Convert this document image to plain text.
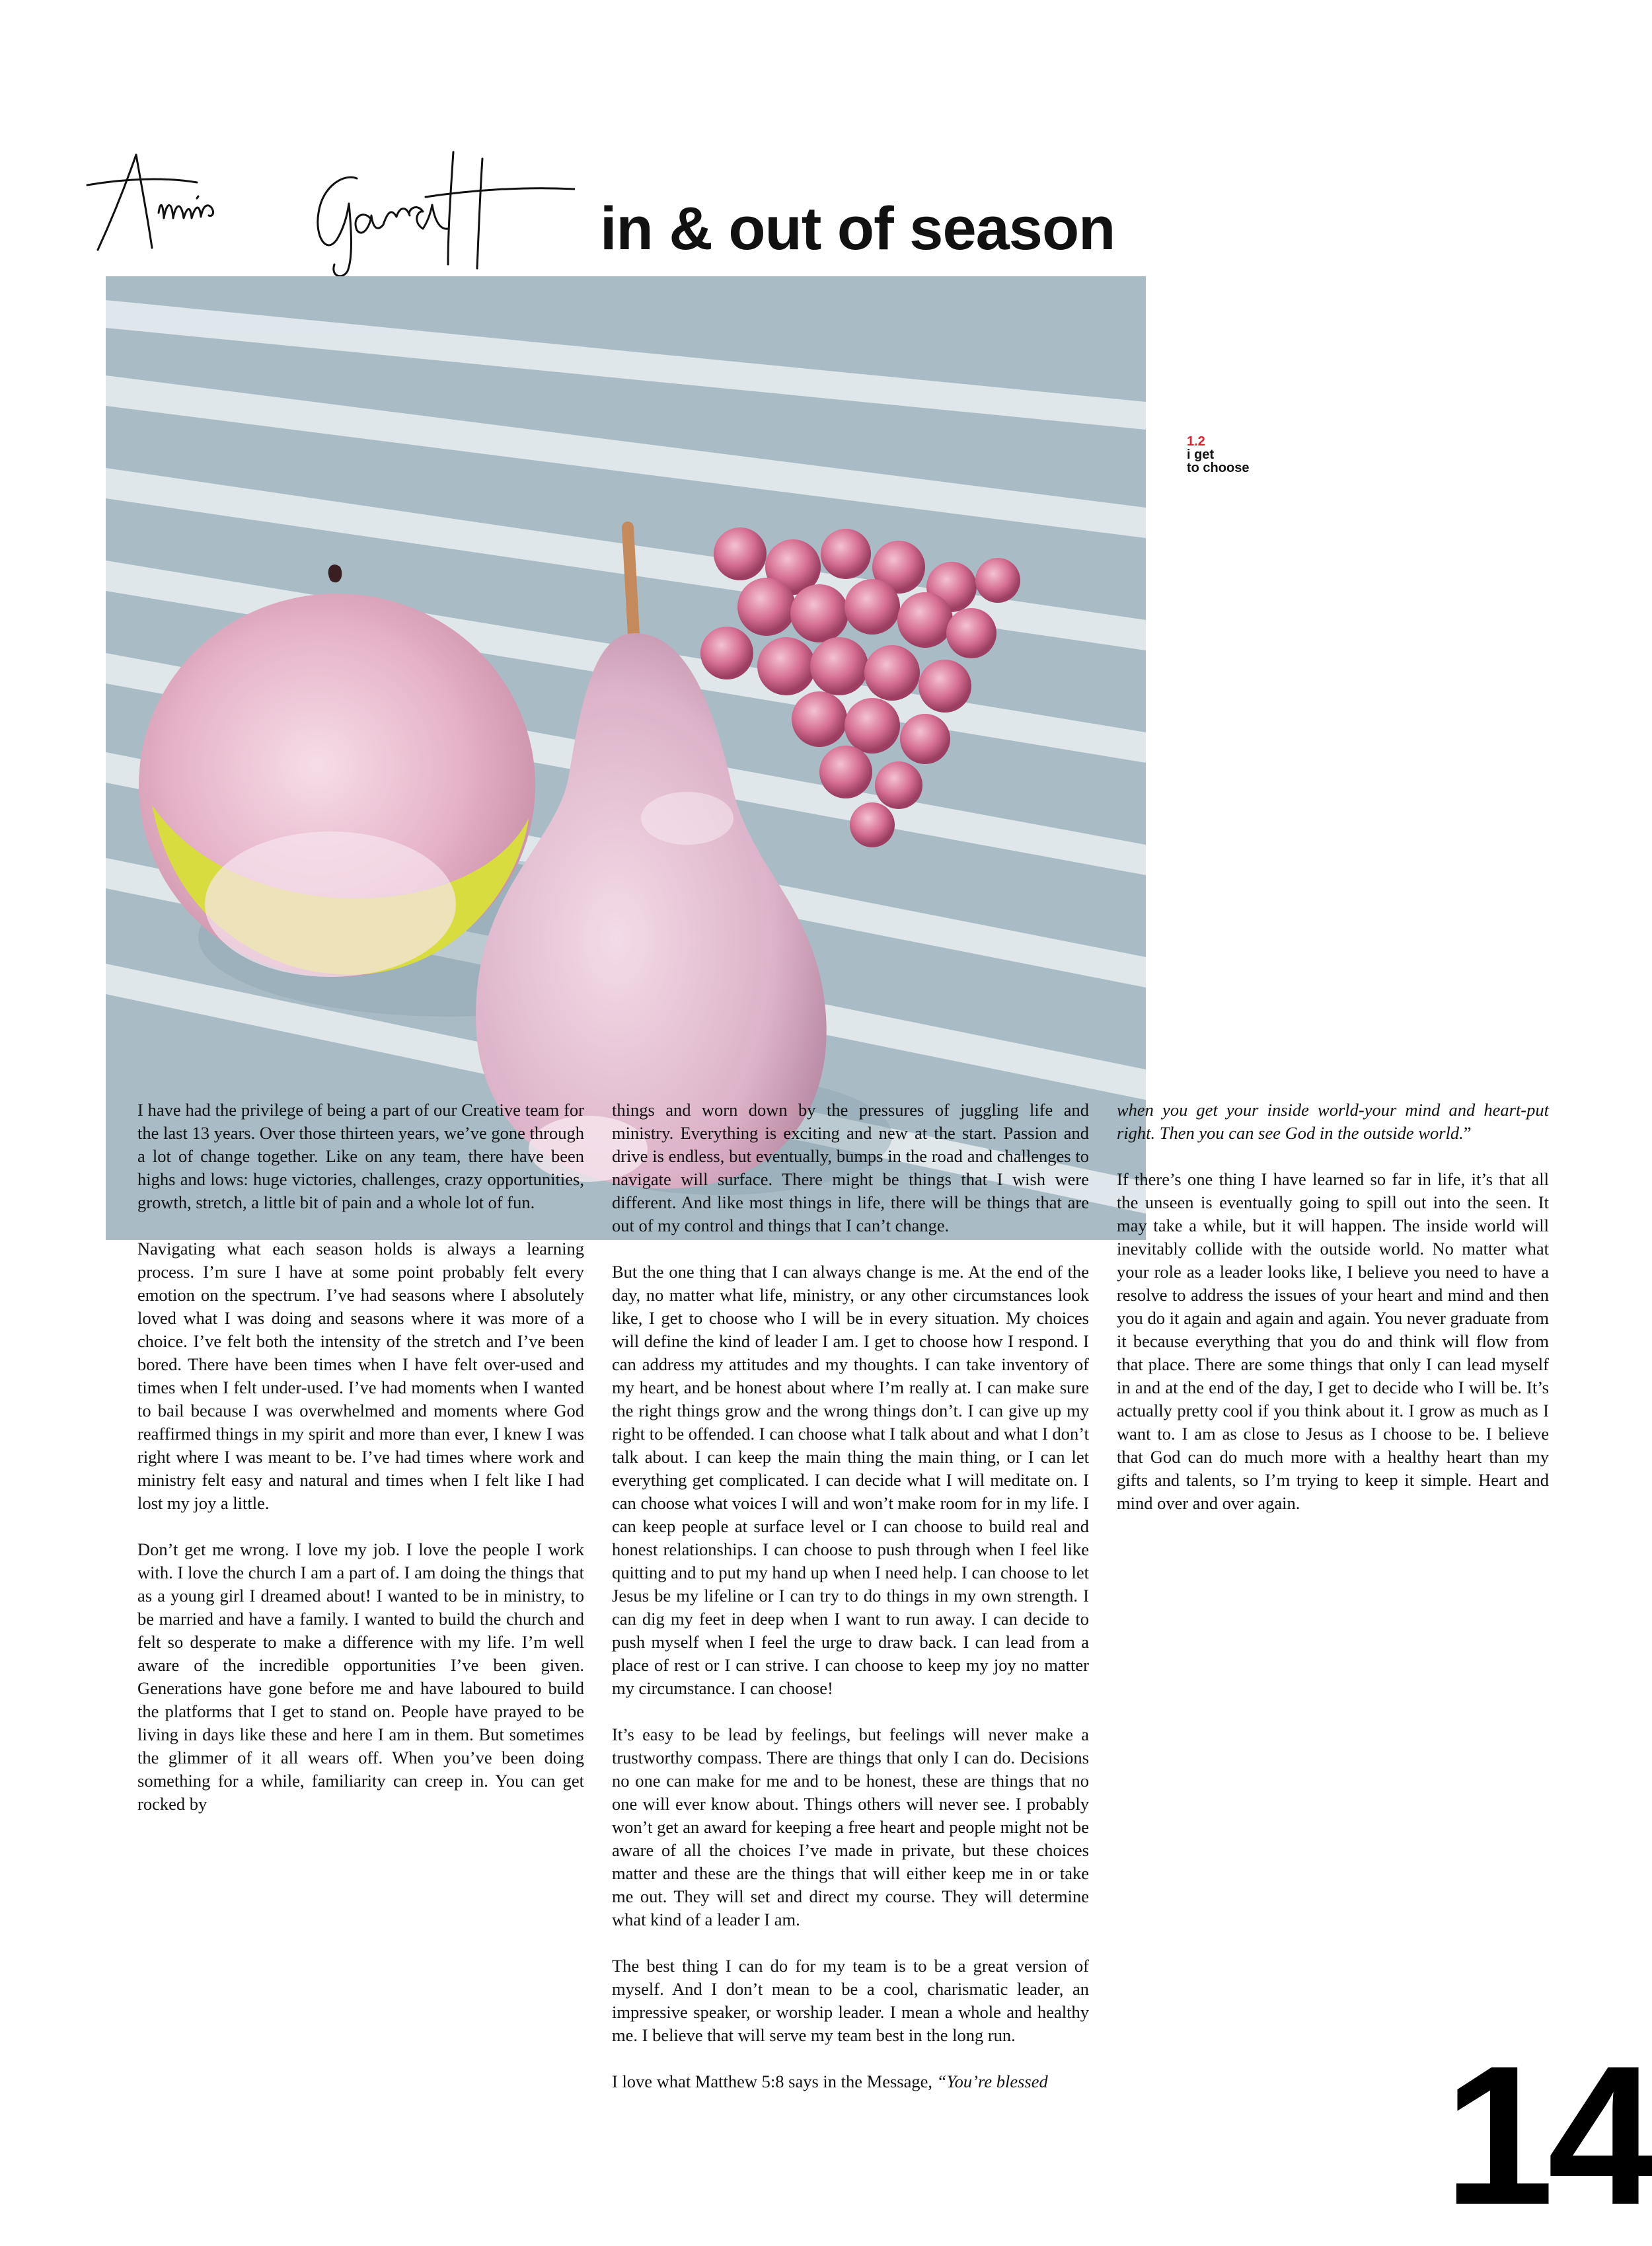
in & out of season
1.2
i get
to choose

I have had the privilege of being a part of our Creative team for the last 13 years. Over those thirteen years, we’ve gone through a lot of change together. Like on any team, there have been highs and lows: huge victories, challenges, crazy opportunities, growth, stretch, a little bit of pain and a whole lot of fun.

Navigating what each season holds is always a learning process. I’m sure I have at some point probably felt every emotion on the spectrum. I’ve had seasons where I absolutely loved what I was doing and seasons where it was more of a choice. I’ve felt both the intensity of the stretch and I’ve been bored. There have been times when I have felt over-used and times when I felt under-used. I’ve had moments when I wanted to bail because I was overwhelmed and moments where God reaffirmed things in my spirit and more than ever, I knew I was right where I was meant to be. I’ve had times where work and ministry felt easy and natural and times when I felt like I had lost my joy a little.

Don’t get me wrong. I love my job. I love the people I work with. I love the church I am a part of. I am doing the things that as a young girl I dreamed about! I wanted to be in ministry, to be married and have a family. I wanted to build the church and felt so desperate to make a difference with my life. I’m well aware of the incredible opportunities I’ve been given. Generations have gone before me and have laboured to build the platforms that I get to stand on. People have prayed to be living in days like these and here I am in them. But sometimes the glimmer of it all wears off. When you’ve been doing something for a while, familiarity can creep in. You can get rocked by

things and worn down by the pressures of juggling life and ministry. Everything is exciting and new at the start. Passion and drive is endless, but eventually, bumps in the road and challenges to navigate will surface. There might be things that I wish were different. And like most things in life, there will be things that are out of my control and things that I can’t change.

But the one thing that I can always change is me. At the end of the day, no matter what life, ministry, or any other circumstances look like, I get to choose who I will be in every situation. My choices will define the kind of leader I am. I get to choose how I respond. I can address my attitudes and my thoughts. I can take inventory of my heart, and be honest about where I’m really at. I can make sure the right things grow and the wrong things don’t. I can give up my right to be offended. I can choose what I talk about and what I don’t talk about. I can keep the main thing the main thing, or I can let everything get complicated. I can decide what I will meditate on. I can choose what voices I will and won’t make room for in my life. I can keep people at surface level or I can choose to build real and honest relationships. I can choose to push through when I feel like quitting and to put my hand up when I need help. I can choose to let Jesus be my lifeline or I can try to do things in my own strength. I can dig my feet in deep when I want to run away. I can decide to push myself when I feel the urge to draw back. I can lead from a place of rest or I can strive. I can choose to keep my joy no matter my circumstance. I can choose!

It’s easy to be lead by feelings, but feelings will never make a trustworthy compass. There are things that only I can do. Decisions no one can make for me and to be honest, these are things that no one will ever know about. Things others will never see. I probably won’t get an award for keeping a free heart and people might not be aware of all the choices I’ve made in private, but these choices matter and these are the things that will either keep me in or take me out. They will set and direct my course. They will determine what kind of a leader I am.

The best thing I can do for my team is to be a great version of myself. And I don’t mean to be a cool, charismatic leader, an impressive speaker, or worship leader. I mean a whole and healthy me. I believe that will serve my team best in the long run.

I love what Matthew 5:8 says in the Message, “You’re blessed

when you get your inside world-your mind and heart-put right. Then you can see God in the outside world.”

If there’s one thing I have learned so far in life, it’s that all the unseen is eventually going to spill out into the seen. It may take a while, but it will happen. The inside world will inevitably collide with the outside world. No matter what your role as a leader looks like, I believe you need to have a resolve to address the issues of your heart and mind and then you do it again and again and again. You never graduate from it because everything that you do and think will flow from that place. There are some things that only I can lead myself in and at the end of the day, I get to decide who I will be. It’s actually pretty cool if you think about it. I grow as much as I want to. I am as close to Jesus as I choose to be. I believe that God can do much more with a healthy heart than my gifts and talents, so I’m trying to keep it simple. Heart and mind over and over again.

14
